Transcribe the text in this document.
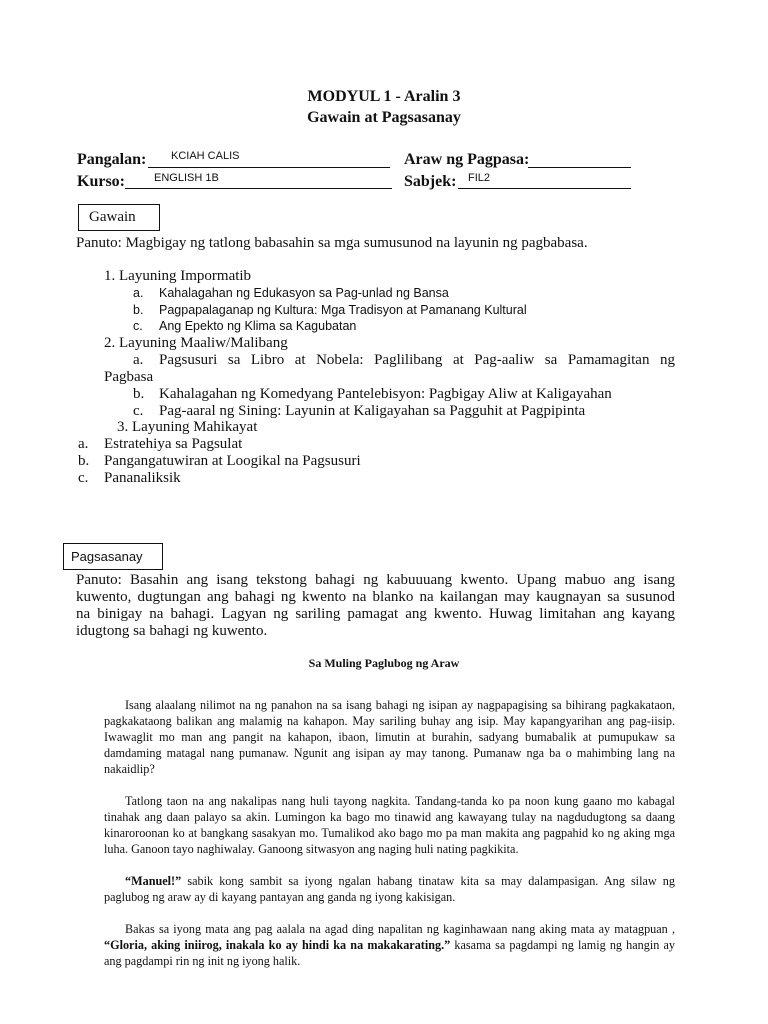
MODYUL 1 - Aralin 3
Gawain at Pagsasanay
Pangalan: KCIAH CALIS	Araw ng Pagpasa:
Kurso:	ENGLISH 1B	Sabjek: FIL2
Gawain
Panuto: Magbigay ng tatlong babasahin sa mga sumusunod na layunin ng pagbabasa.
1. Layuning Impormatib
a. Kahalagahan ng Edukasyon sa Pag-unlad ng Bansa
b. Pagpapalaganap ng Kultura: Mga Tradisyon at Pamanang Kultural
c. Ang Epekto ng Klima sa Kagubatan
2. Layuning Maaliw/Malibang
a. Pagsusuri sa Libro at Nobela: Paglilibang at Pag-aaliw sa Pamamagitan ng
Pagbasa
b. Kahalagahan ng Komedyang Pantelebisyon: Pagbigay Aliw at Kaligayahan
c. Pag-aaral ng Sining: Layunin at Kaligayahan sa Pagguhit at Pagpipinta
3. Layuning Mahikayat
a. Estratehiya sa Pagsulat
b. Pangangatuwiran at Loogikal na Pagsusuri
c. Pananaliksik
Pagsasanay
Panuto: Basahin ang isang tekstong bahagi ng kabuuuang kwento. Upang mabuo ang isang
kuwento, dugtungan ang bahagi ng kwento na blanko na kailangan may kaugnayan sa susunod
na binigay na bahagi. Lagyan ng sariling pamagat ang kwento. Huwag limitahan ang kayang
idugtong sa bahagi ng kuwento.
Sa Muling Paglubog ng Araw

Isang alaalang nilimot na ng panahon na sa isang bahagi ng isipan ay nagpapagising sa bihirang pagkakataon, pagkakataong balikan ang malamig na kahapon. May sariling buhay ang isip. May kapangyarihan ang pag-iisip. Iwawaglit mo man ang pangit na kahapon, ibaon, limutin at burahin, sadyang bumabalik at pumupukaw sa damdaming matagal nang pumanaw. Ngunit ang isipan ay may tanong. Pumanaw nga ba o mahimbing lang na nakaidlip?

Tatlong taon na ang nakalipas nang huli tayong nagkita. Tandang-tanda ko pa noon kung gaano mo kabagal tinahak ang daan palayo sa akin. Lumingon ka bago mo tinawid ang kawayang tulay na nagdudugtong sa daang kinaroroonan ko at bangkang sasakyan mo. Tumalikod ako bago mo pa man makita ang pagpahid ko ng aking mga luha. Ganoon tayo naghiwalay. Ganoong sitwasyon ang naging huli nating pagkikita.

“Manuel!” sabik kong sambit sa iyong ngalan habang tinataw kita sa may dalampasigan. Ang silaw ng paglubog ng araw ay di kayang pantayan ang ganda ng iyong kakisigan.

Bakas sa iyong mata ang pag aalala na agad ding napalitan ng kaginhawaan nang aking mata ay matagpuan , “Gloria, aking iniirog, inakala ko ay hindi ka na makakarating.” kasama sa pagdampi ng lamig ng hangin ay ang pagdampi rin ng init ng iyong halik.
